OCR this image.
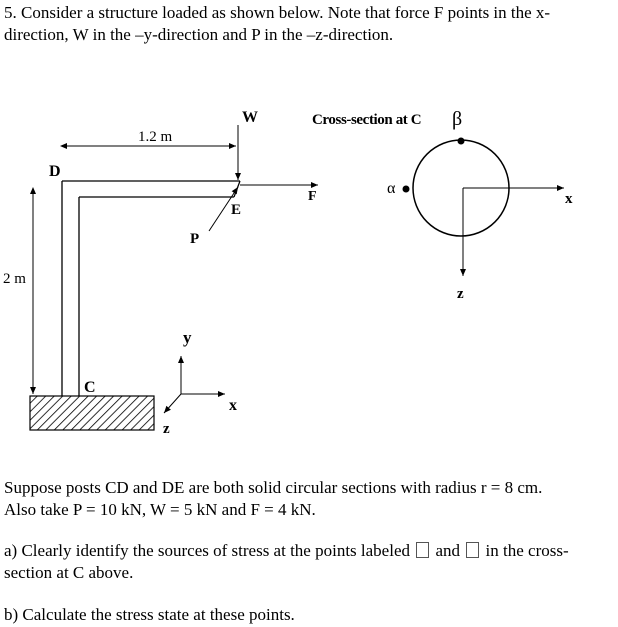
5. Consider a structure loaded as shown below. Note that force F points in the x-direction, W in the –y-direction and P in the –z-direction.

1.2 m
2 m
D
C
E
W
F
P
y
x
z
Cross-section at C β
α
x
z
Suppose posts CD and DE are both solid circular sections with radius r = 8 cm.
Also take P = 10 kN, W = 5 kN and F = 4 kN.

a) Clearly identify the sources of stress at the points labeled and in the cross-section at C above.

b) Calculate the stress state at these points.
